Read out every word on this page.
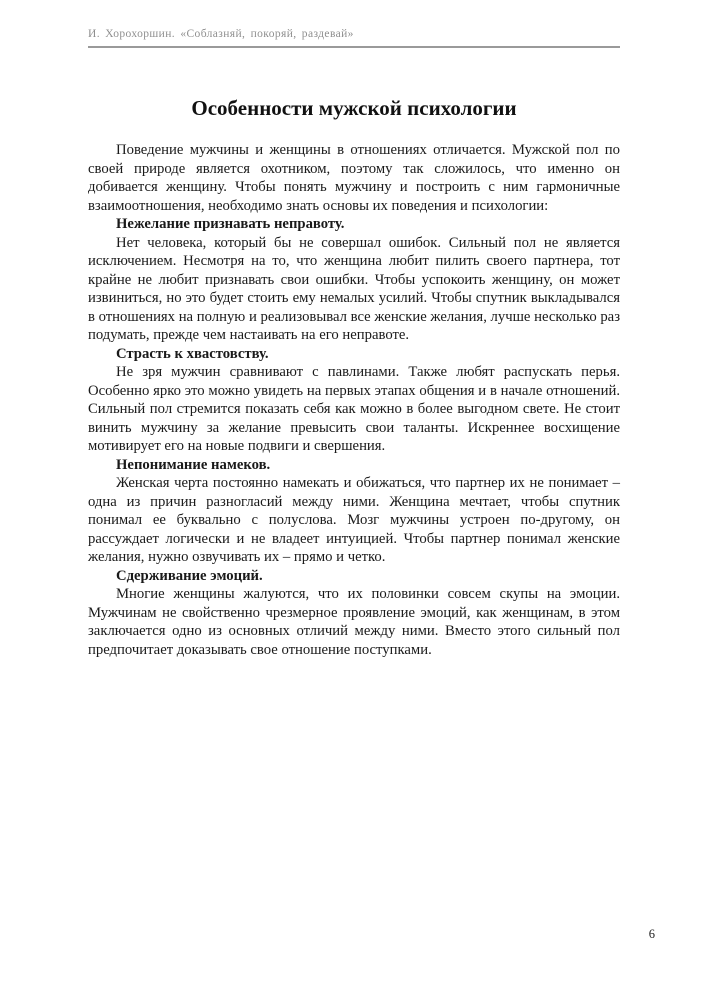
И. Хорохоршин. «Соблазняй, покоряй, раздевай»
Особенности мужской психологии

Поведение мужчины и женщины в отношениях отличается. Мужской пол по своей природе является охотником, поэтому так сложилось, что именно он добивается женщину. Чтобы понять мужчину и построить с ним гармоничные взаимоотношения, необходимо знать основы их поведения и психологии:

Нежелание признавать неправоту.

Нет человека, который бы не совершал ошибок. Сильный пол не является исключением. Несмотря на то, что женщина любит пилить своего партнера, тот крайне не любит признавать свои ошибки. Чтобы успокоить женщину, он может извиниться, но это будет стоить ему немалых усилий. Чтобы спутник выкладывался в отношениях на полную и реализовывал все женские желания, лучше несколько раз подумать, прежде чем настаивать на его неправоте.

Страсть к хвастовству.

Не зря мужчин сравнивают с павлинами. Также любят распускать перья. Особенно ярко это можно увидеть на первых этапах общения и в начале отношений. Сильный пол стремится показать себя как можно в более выгодном свете. Не стоит винить мужчину за желание превысить свои таланты. Искреннее восхищение мотивирует его на новые подвиги и свершения.

Непонимание намеков.

Женская черта постоянно намекать и обижаться, что партнер их не понимает – одна из причин разногласий между ними. Женщина мечтает, чтобы спутник понимал ее буквально с полуслова. Мозг мужчины устроен по-другому, он рассуждает логически и не владеет интуицией. Чтобы партнер понимал женские желания, нужно озвучивать их – прямо и четко.

Сдерживание эмоций.

Многие женщины жалуются, что их половинки совсем скупы на эмоции. Мужчинам не свойственно чрезмерное проявление эмоций, как женщинам, в этом заключается одно из основных отличий между ними. Вместо этого сильный пол предпочитает доказывать свое отношение поступками.

6
